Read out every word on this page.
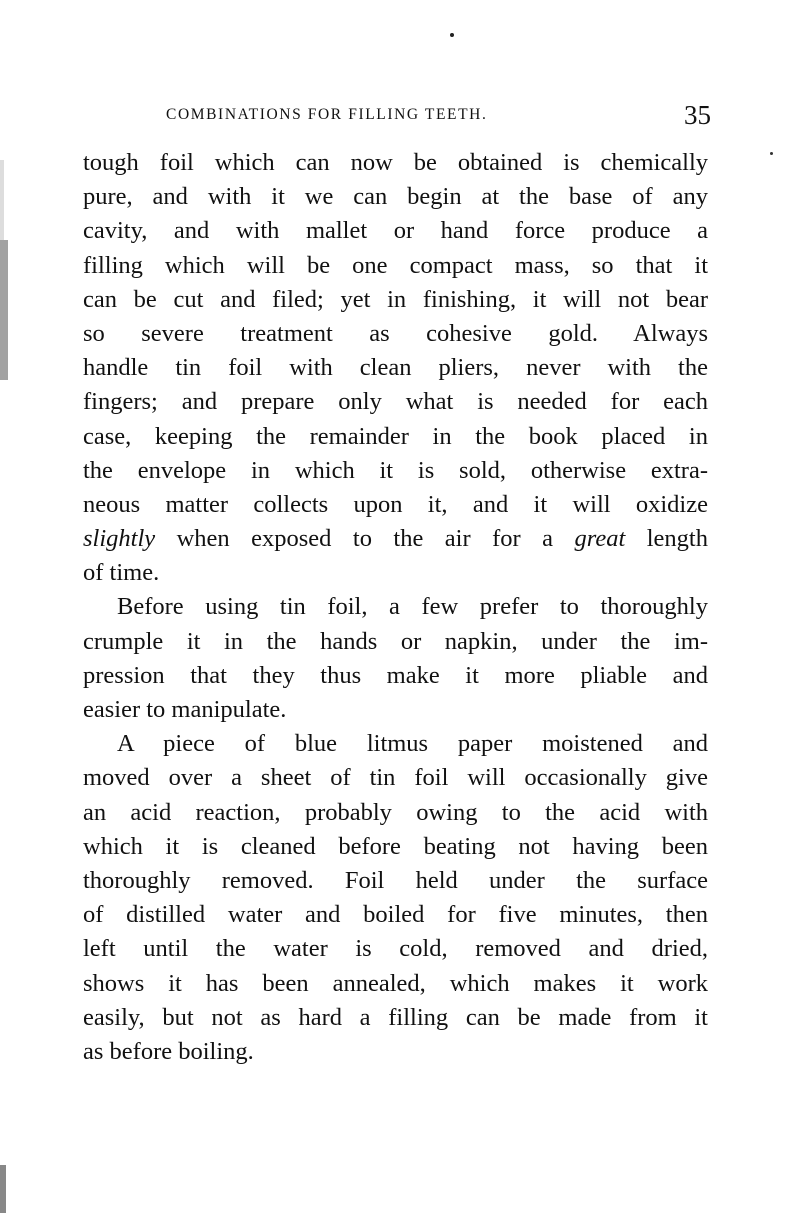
COMBINATIONS FOR FILLING TEETH.	35
tough foil which can now be obtained is chemically
pure, and with it we can begin at the base of any
cavity, and with mallet or hand force produce a
filling which will be one compact mass, so that it
can be cut and filed; yet in finishing, it will not bear
so severe treatment as cohesive gold. Always
handle tin foil with clean pliers, never with the
fingers; and prepare only what is needed for each
case, keeping the remainder in the book placed in
the envelope in which it is sold, otherwise extra-
neous matter collects upon it, and it will oxidize
slightly when exposed to the air for a great length
of time.
Before using tin foil, a few prefer to thoroughly
crumple it in the hands or napkin, under the im-
pression that they thus make it more pliable and
easier to manipulate.
A piece of blue litmus paper moistened and
moved over a sheet of tin foil will occasionally give
an acid reaction, probably owing to the acid with
which it is cleaned before beating not having been
thoroughly removed. Foil held under the surface
of distilled water and boiled for five minutes, then
left until the water is cold, removed and dried,
shows it has been annealed, which makes it work
easily, but not as hard a filling can be made from it
as before boiling.
